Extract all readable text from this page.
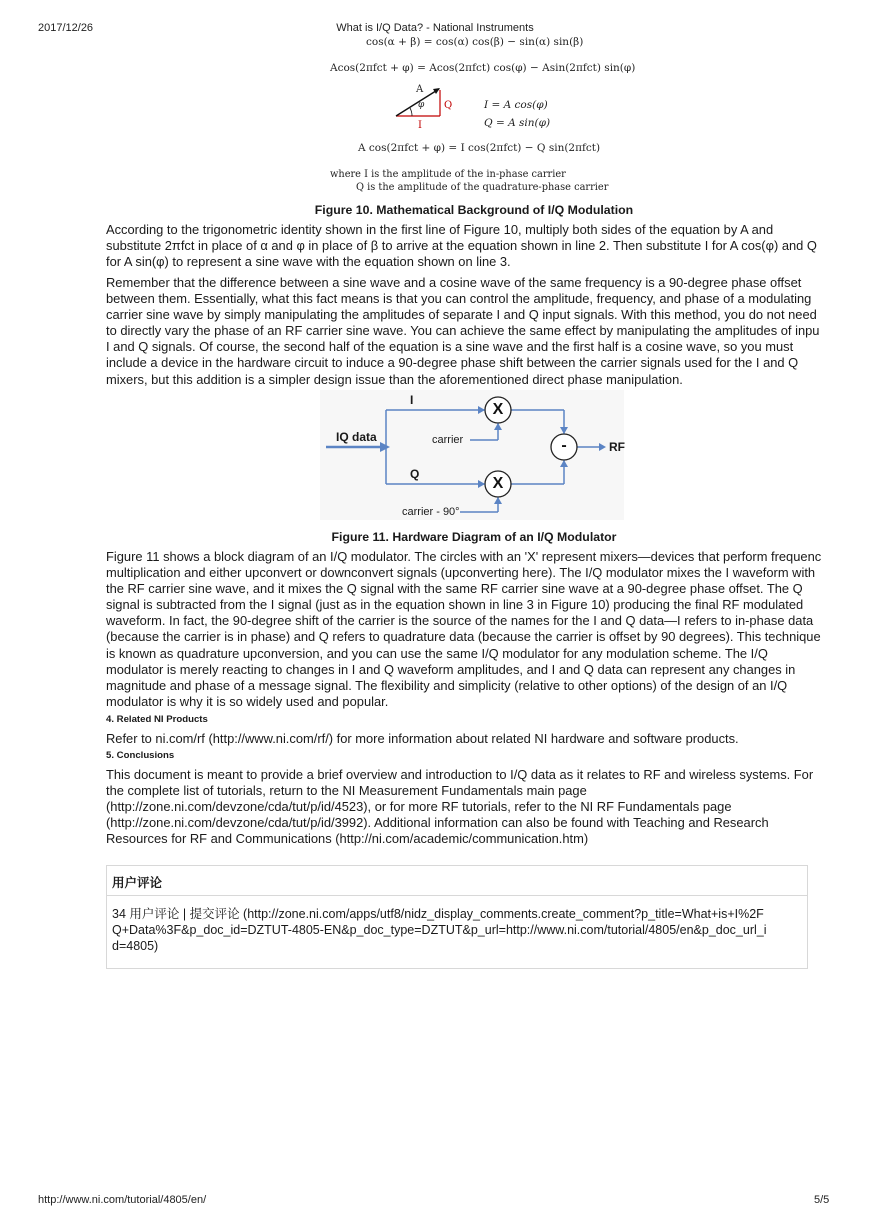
2017/12/26	What is I/Q Data? - National Instruments
http://www.ni.com/tutorial/4805/en/	5/5
cos(α + β) = cos(α) cos(β) − sin(α) sin(β)
Acos(2πfct + φ) = Acos(2πfct) cos(φ) − Asin(2πfct) sin(φ)
A
φ Q
I
I = A cos(φ)
Q = A sin(φ)
A cos(2πfct + φ) = I cos(2πfct) − Q sin(2πfct)
where I is the amplitude of the in-phase carrier
Q is the amplitude of the quadrature-phase carrier
Figure 10. Mathematical Background of I/Q Modulation
According to the trigonometric identity shown in the first line of Figure 10, multiply both sides of the equation by A and
substitute 2πfct in place of α and φ in place of β to arrive at the equation shown in line 2. Then substitute I for A cos(φ) and Q
for A sin(φ) to represent a sine wave with the equation shown on line 3.
Remember that the difference between a sine wave and a cosine wave of the same frequency is a 90-degree phase offset
between them. Essentially, what this fact means is that you can control the amplitude, frequency, and phase of a modulating
carrier sine wave by simply manipulating the amplitudes of separate I and Q input signals. With this method, you do not need
to directly vary the phase of an RF carrier sine wave. You can achieve the same effect by manipulating the amplitudes of inpu
I and Q signals. Of course, the second half of the equation is a sine wave and the first half is a cosine wave, so you must
include a device in the hardware circuit to induce a 90-degree phase shift between the carrier signals used for the I and Q
mixers, but this addition is a simpler design issue than the aforementioned direct phase manipulation.
X
X
-
I
Q
IQ data	carrier
carrier - 90°
RF
Figure 11. Hardware Diagram of an I/Q Modulator
Figure 11 shows a block diagram of an I/Q modulator. The circles with an 'X' represent mixers—devices that perform frequenc
multiplication and either upconvert or downconvert signals (upconverting here). The I/Q modulator mixes the I waveform with
the RF carrier sine wave, and it mixes the Q signal with the same RF carrier sine wave at a 90-degree phase offset. The Q
signal is subtracted from the I signal (just as in the equation shown in line 3 in Figure 10) producing the final RF modulated
waveform. In fact, the 90-degree shift of the carrier is the source of the names for the I and Q data—I refers to in-phase data
(because the carrier is in phase) and Q refers to quadrature data (because the carrier is offset by 90 degrees). This technique
is known as quadrature upconversion, and you can use the same I/Q modulator for any modulation scheme. The I/Q
modulator is merely reacting to changes in I and Q waveform amplitudes, and I and Q data can represent any changes in
magnitude and phase of a message signal. The flexibility and simplicity (relative to other options) of the design of an I/Q
modulator is why it is so widely used and popular.
4. Related NI Products
Refer to ni.com/rf (http://www.ni.com/rf/) for more information about related NI hardware and software products.
5. Conclusions
This document is meant to provide a brief overview and introduction to I/Q data as it relates to RF and wireless systems. For
the complete list of tutorials, return to the NI Measurement Fundamentals main page
(http://zone.ni.com/devzone/cda/tut/p/id/4523), or for more RF tutorials, refer to the NI RF Fundamentals page
(http://zone.ni.com/devzone/cda/tut/p/id/3992). Additional information can also be found with Teaching and Research
Resources for RF and Communications (http://ni.com/academic/communication.htm)
用户评论
34 用户评论 | 提交评论 (http://zone.ni.com/apps/utf8/nidz_display_comments.create_comment?p_title=What+is+I%2F
Q+Data%3F&p_doc_id=DZTUT-4805-EN&p_doc_type=DZTUT&p_url=http://www.ni.com/tutorial/4805/en&p_doc_url_i
d=4805)
